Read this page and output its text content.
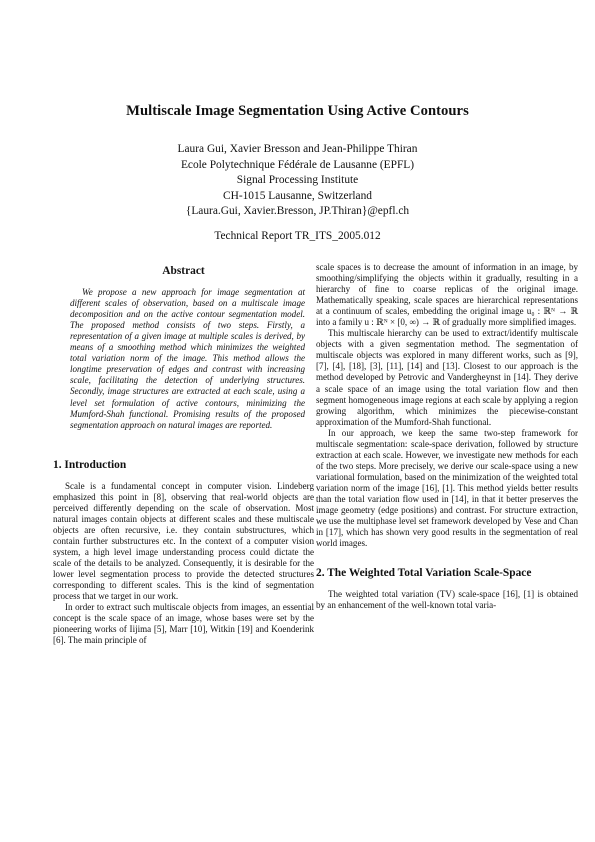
Multiscale Image Segmentation Using Active Contours
Laura Gui, Xavier Bresson and Jean-Philippe Thiran
Ecole Polytechnique Fédérale de Lausanne (EPFL)
Signal Processing Institute
CH-1015 Lausanne, Switzerland
{Laura.Gui, Xavier.Bresson, JP.Thiran}@epfl.ch
Technical Report TR_ITS_2005.012
Abstract

We propose a new approach for image segmentation at different scales of observation, based on a multiscale image decomposition and on the active contour segmentation model. The proposed method consists of two steps. Firstly, a representation of a given image at multiple scales is derived, by means of a smoothing method which minimizes the weighted total variation norm of the image. This method allows the longtime preservation of edges and contrast with increasing scale, facilitating the detection of underlying structures. Secondly, image structures are extracted at each scale, using a level set formulation of active contours, minimizing the Mumford-Shah functional. Promising results of the proposed segmentation approach on natural images are reported.

1. Introduction

Scale is a fundamental concept in computer vision. Lindeberg emphasized this point in [8], observing that real-world objects are perceived differently depending on the scale of observation. Most natural images contain objects at different scales and these multiscale objects are often recursive, i.e. they contain substructures, which contain further substructures etc. In the context of a computer vision system, a high level image understanding process could dictate the scale of the details to be analyzed. Consequently, it is desirable for the lower level segmentation process to provide the detected structures corresponding to different scales. This is the kind of segmentation process that we target in our work.

In order to extract such multiscale objects from images, an essential concept is the scale space of an image, whose bases were set by the pioneering works of Iijima [5], Marr [10], Witkin [19] and Koenderink [6]. The main principle of

scale spaces is to decrease the amount of information in an image, by smoothing/simplifying the objects within it gradually, resulting in a hierarchy of fine to coarse replicas of the original image. Mathematically speaking, scale spaces are hierarchical representations at a continuum of scales, embedding the original image u₀ : ℝᴺ → ℝ into a family u : ℝᴺ × [0, ∞) → ℝ of gradually more simplified images.

This multiscale hierarchy can be used to extract/identify multiscale objects with a given segmentation method. The segmentation of multiscale objects was explored in many different works, such as [9], [7], [4], [18], [3], [11], [14] and [13]. Closest to our approach is the method developed by Petrovic and Vandergheynst in [14]. They derive a scale space of an image using the total variation flow and then segment homogeneous image regions at each scale by applying a region growing algorithm, which minimizes the piecewise-constant approximation of the Mumford-Shah functional.

In our approach, we keep the same two-step framework for multiscale segmentation: scale-space derivation, followed by structure extraction at each scale. However, we investigate new methods for each of the two steps. More precisely, we derive our scale-space using a new variational formulation, based on the minimization of the weighted total variation norm of the image [16], [1]. This method yields better results than the total variation flow used in [14], in that it better preserves the image geometry (edge positions) and contrast. For structure extraction, we use the multiphase level set framework developed by Vese and Chan in [17], which has shown very good results in the segmentation of real world images.

2. The Weighted Total Variation Scale-Space

The weighted total variation (TV) scale-space [16], [1] is obtained by an enhancement of the well-known total varia-
